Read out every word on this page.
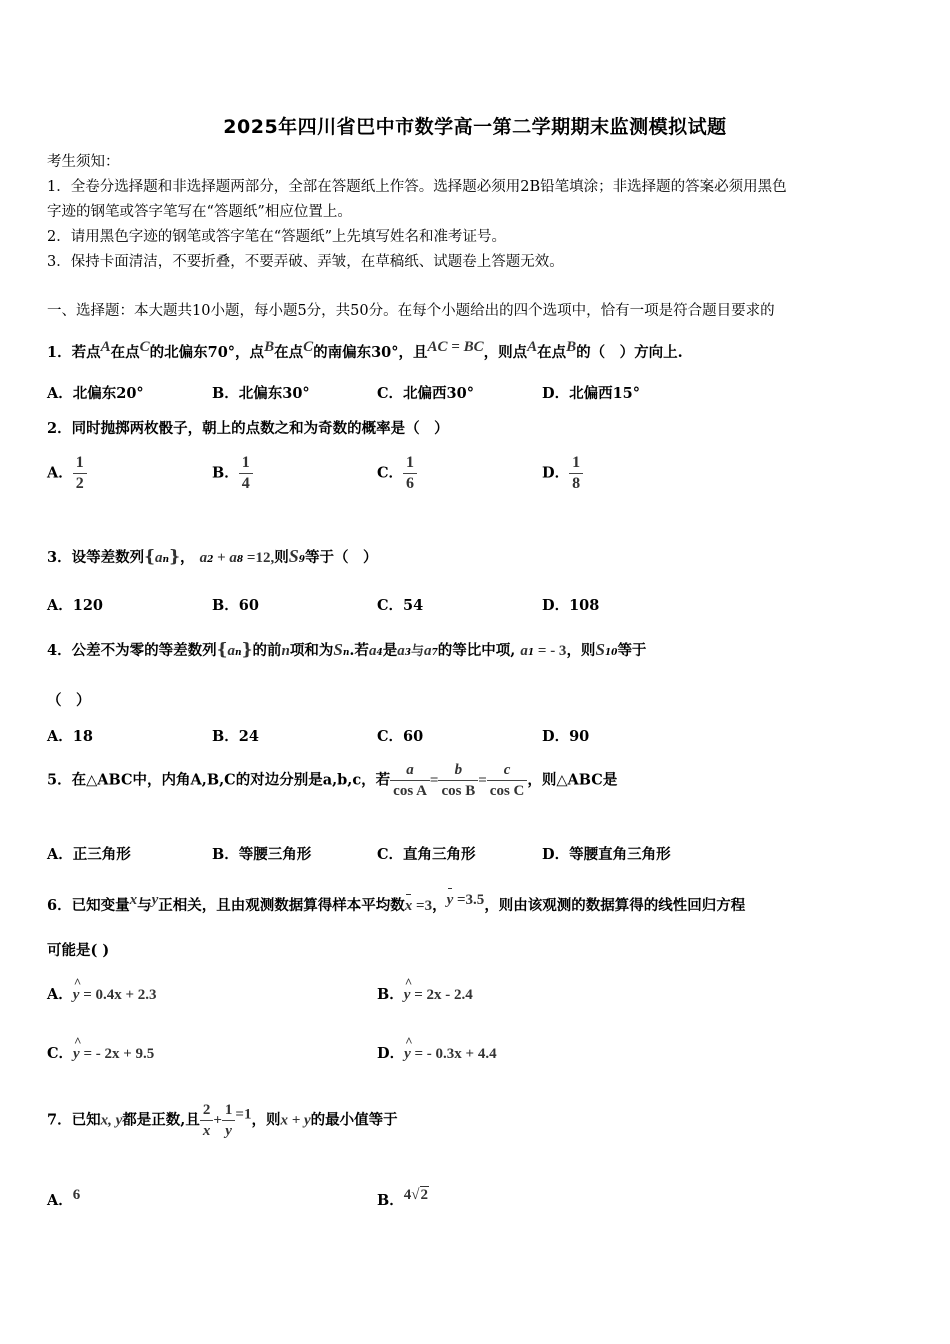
2025年四川省巴中市数学高一第二学期期末监测模拟试题
考生须知：
1．全卷分选择题和非选择题两部分，全部在答题纸上作答。选择题必须用2B铅笔填涂；非选择题的答案必须用黑色
字迹的钢笔或答字笔写在“答题纸”相应位置上。
2．请用黑色字迹的钢笔或答字笔在“答题纸”上先填写姓名和准考证号。
3．保持卡面清洁，不要折叠，不要弄破、弄皱，在草稿纸、试题卷上答题无效。
一、选择题：本大题共10小题，每小题5分，共50分。在每个小题给出的四个选项中，恰有一项是符合题目要求的
1．若点$^A$在点$^C$的北偏东70°，点$^B$在点$^C$的南偏东30°，且$^{AC = BC}$，则点$^A$在点$^B$的（　）方向上.
A．北偏东20°	B．北偏东30°	C．北偏西30°	D．北偏西15°
2．同时抛掷两枚骰子，朝上的点数之和为奇数的概率是（　）
A． $\frac{1}{2}$	B． $\frac{1}{4}$	C． $\frac{1}{6}$	D． $\frac{1}{8}$
3．设等差数列{an}， a2 + a8 =12,则S9等于（　）
A．120	B．60	C．54	D．108
4．公差不为零的等差数列{an}的前n项和为Sn.若a4是a3与a7的等比中项, a1 = - 3，则S10等于
（　）
A．18	B．24	C．60	D．90
5．在△ABC中，内角A,B,C的对边分别是a,b,c，若 $\frac{a}{\text{cos A}} = \frac{b}{\text{cos B}} = \frac{c}{\text{cos C}}$ ，则△ABC是
A．正三角形	B．等腰三角形	C．直角三角形	D．等腰直角三角形
6．已知变量$^x$与$^y$正相关，且由观测数据算得样本平均数x =3，$^{y =3.5}$，则由该观测的数据算得的线性回归方程
可能是( )
A．^ y = 0.4x + 2.3	B．^ y = 2x - 2.4
C．^ y = - 2x + 9.5	D．^ y = - 0.3x + 4.4
7．已知x, y都是正数,且 $\frac{2}{x} + \frac{1}{y} ^{=1}$，则x + y的最小值等于
A．$^6$	B．$^{4√2}$
